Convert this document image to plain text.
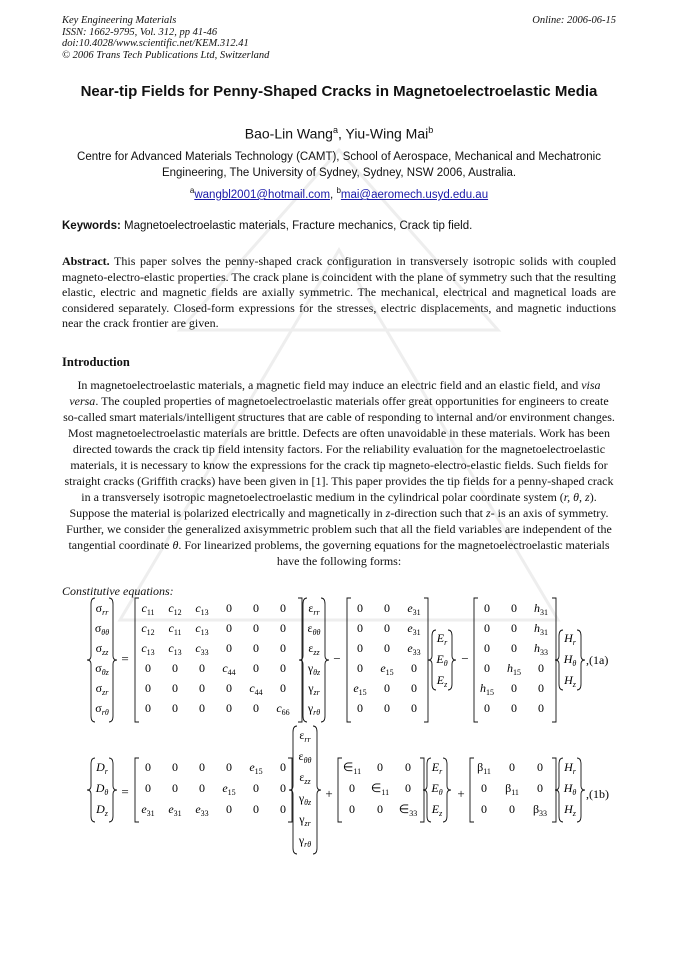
Key Engineering Materials
ISSN: 1662-9795, Vol. 312, pp 41-46
doi:10.4028/www.scientific.net/KEM.312.41
© 2006 Trans Tech Publications Ltd, Switzerland
Online: 2006-06-15
Near-tip Fields for Penny-Shaped Cracks in Magnetoelectroelastic Media
Bao-Lin Wang$^a$, Yiu-Wing Mai$^b$
Centre for Advanced Materials Technology (CAMT), School of Aerospace, Mechanical and Mechatronic Engineering, The University of Sydney, Sydney, NSW 2006, Australia.
$^a$wangbl2001@hotmail.com, $^b$mai@aeromech.usyd.edu.au
Keywords: Magnetoelectroelastic materials, Fracture mechanics, Crack tip field.
Abstract. This paper solves the penny-shaped crack configuration in transversely isotropic solids with coupled magneto-electro-elastic properties. The crack plane is coincident with the plane of symmetry such that the resulting elastic, electric and magnetic fields are axially symmetric. The mechanical, electrical and magnetical loads are considered separately. Closed-form expressions for the stresses, electric displacements, and magnetic inductions near the crack frontier are given.
Introduction
In magnetoelectroelastic materials, a magnetic field may induce an electric field and an elastic field, and visa versa. The coupled properties of magnetoelectroelastic materials offer great opportunities for engineers to create so-called smart materials/intelligent structures that are cable of responding to internal and/or environment changes. Most magnetoelectroelastic materials are brittle. Defects are often unavoidable in these materials. Work has been directed towards the crack tip field intensity factors. For the reliability evaluation for the magnetoelectroelastic materials, it is necessary to know the expressions for the crack tip magneto-electro-elastic fields. Such fields for straight cracks (Griffith cracks) have been given in [1]. This paper provides the tip fields for a penny-shaped crack in a transversely isotropic magnetoelectroelastic medium in the cylindrical polar coordinate system (r, θ, z). Suppose the material is polarized electrically and magnetically in z-direction such that z- is an axis of symmetry. Further, we consider the generalized axisymmetric problem such that all the field variables are independent of the tangential coordinate θ. For linearized problems, the governing equations for the magnetoelectroelastic materials have the following forms:
Constitutive equations:
$\sigma_{rr}$
$\sigma_{\theta\theta}$
$\sigma_{zz}$
$\sigma_{\theta z}$
$\sigma_{zr}$
$\sigma_{r\theta}$
=
$c_{11}$ $c_{12}$ $c_{13}$ 0 0 0
$c_{12}$ $c_{11}$ $c_{13}$ 0 0 0
$c_{13}$ $c_{13}$ $c_{33}$ 0 0 0
0 0 0 $c_{44}$ 0 0
0 0 0 0 $c_{44}$ 0
0 0 0 0 0 $c_{66}$
$\varepsilon_{rr}$
$\varepsilon_{\theta\theta}$
$\varepsilon_{zz}$
$\gamma_{\theta z}$
$\gamma_{zr}$
$\gamma_{r\theta}$
−
0 0 $e_{31}$
0 0 $e_{31}$
0 0 $e_{33}$
0 $e_{15}$ 0
$e_{15}$ 0 0
0 0 0
$E_r$
$E_\theta$
$E_z$
−
0 0 $h_{31}$
0 0 $h_{31}$
0 0 $h_{33}$
0 $h_{15}$ 0
$h_{15}$ 0 0
0 0 0
$H_r$
$H_\theta$
$H_z$
,(1a)
$D_r$
$D_\theta$
$D_z$
=
0 0 0 0 $e_{15}$ 0
0 0 0 $e_{15}$ 0 0
$e_{31}$ $e_{31}$ $e_{33}$ 0 0 0
$\varepsilon_{rr}$
$\varepsilon_{\theta\theta}$
$\varepsilon_{zz}$
$\gamma_{\theta z}$
$\gamma_{zr}$
$\gamma_{r\theta}$
+
$\in_{11}$ 0 0
0 $\in_{11}$ 0
0 0 $\in_{33}$
$E_r$
$E_\theta$
$E_z$
+
$\beta_{11}$ 0 0
0 $\beta_{11}$ 0
0 0 $\beta_{33}$
$H_r$
$H_\theta$
$H_z$
,(1b)
